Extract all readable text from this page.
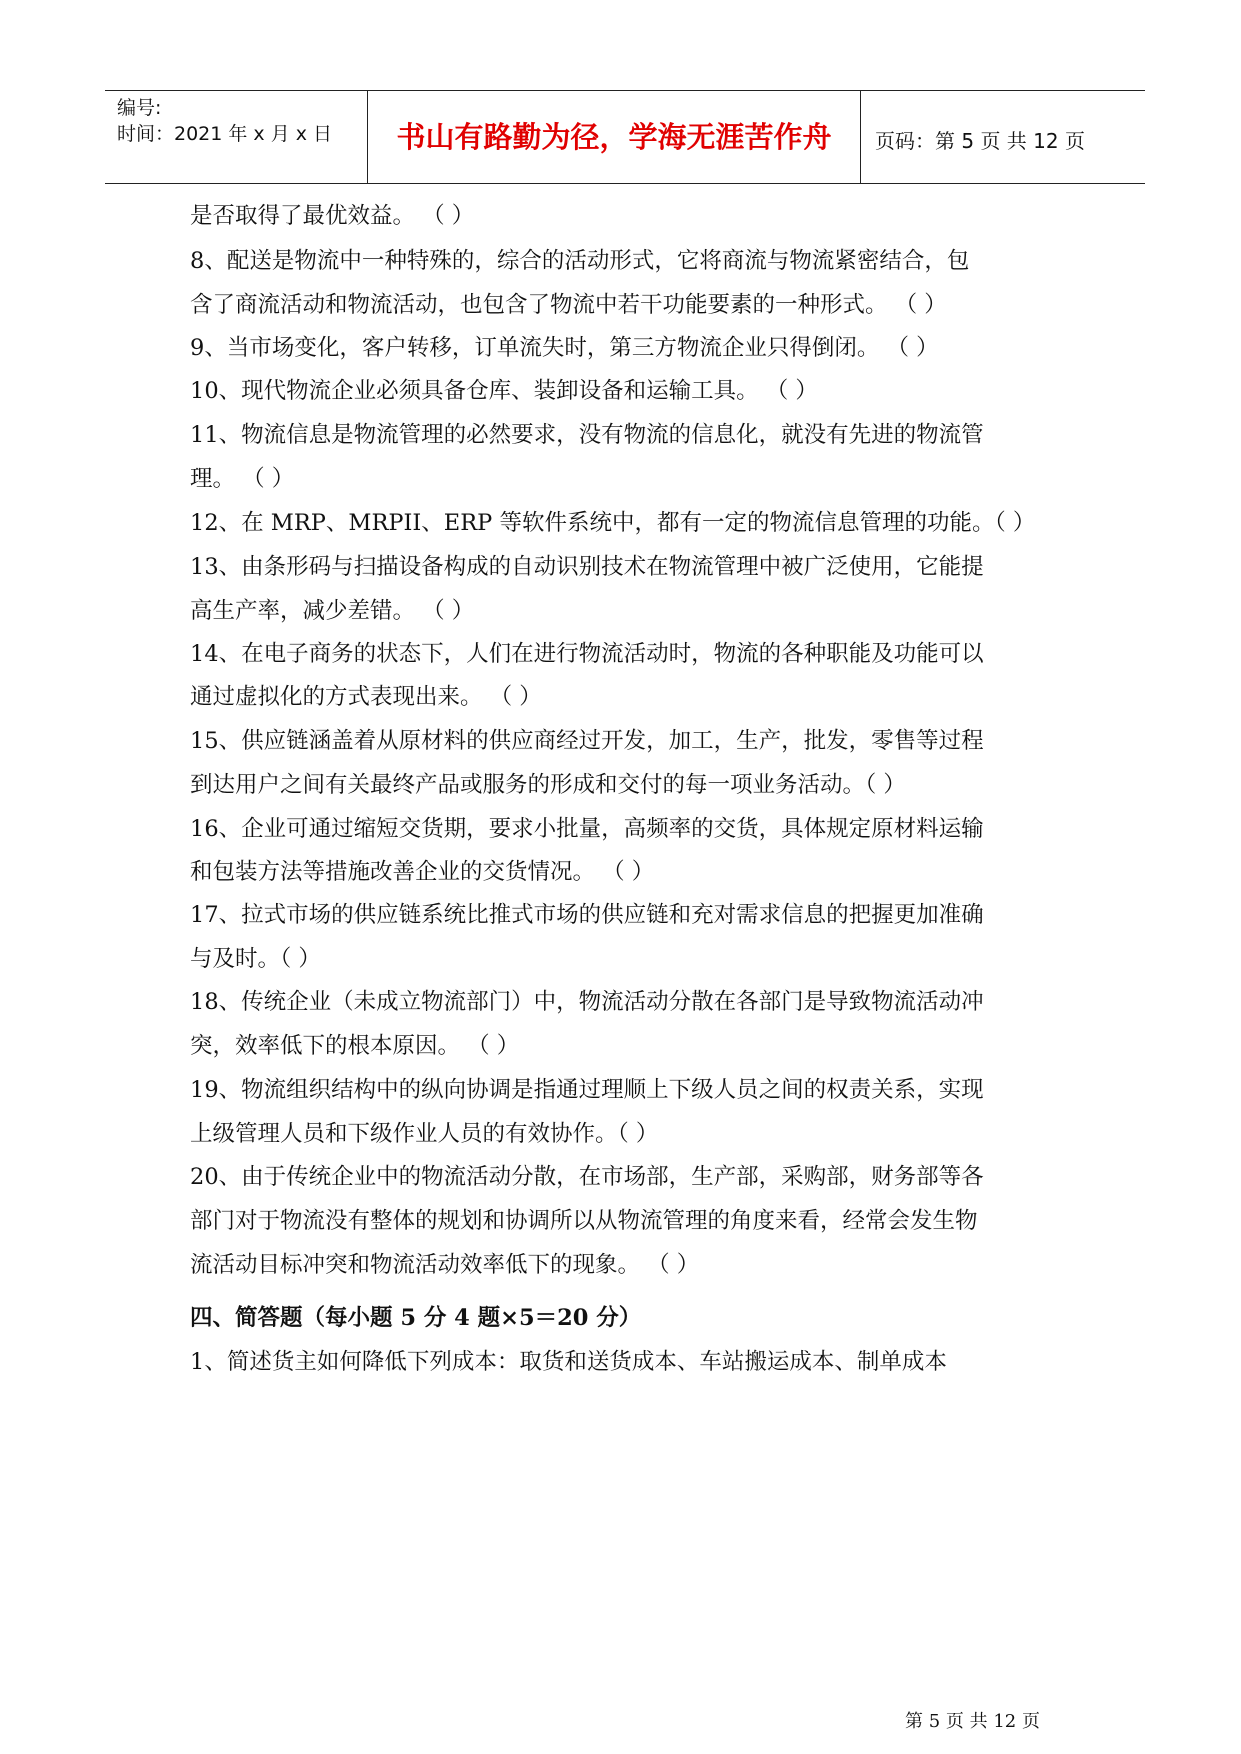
编号:
时间：2021 年 x 月 x 日	书山有路勤为径，学海无涯苦作舟	页码：第 5 页 共 12 页
是否取得了最优效益。 （ ）
8、配送是物流中一种特殊的，综合的活动形式，它将商流与物流紧密结合，包
含了商流活动和物流活动，也包含了物流中若干功能要素的一种形式。 （ ）
9、当市场变化，客户转移，订单流失时，第三方物流企业只得倒闭。 （ ）
10、现代物流企业必须具备仓库、装卸设备和运输工具。 （ ）
11、物流信息是物流管理的必然要求，没有物流的信息化，就没有先进的物流管
理。 （ ）
12、在 MRP、MRPII、ERP 等软件系统中，都有一定的物流信息管理的功能。（ ）
13、由条形码与扫描设备构成的自动识别技术在物流管理中被广泛使用，它能提
高生产率，减少差错。 （ ）
14、在电子商务的状态下，人们在进行物流活动时，物流的各种职能及功能可以
通过虚拟化的方式表现出来。 （ ）
15、供应链涵盖着从原材料的供应商经过开发，加工，生产，批发，零售等过程
到达用户之间有关最终产品或服务的形成和交付的每一项业务活动。（ ）
16、企业可通过缩短交货期，要求小批量，高频率的交货，具体规定原材料运输
和包装方法等措施改善企业的交货情况。 （ ）
17、拉式市场的供应链系统比推式市场的供应链和充对需求信息的把握更加准确
与及时。（ ）
18、传统企业（未成立物流部门）中，物流活动分散在各部门是导致物流活动冲
突，效率低下的根本原因。 （ ）
19、物流组织结构中的纵向协调是指通过理顺上下级人员之间的权责关系，实现
上级管理人员和下级作业人员的有效协作。（ ）
20、由于传统企业中的物流活动分散，在市场部，生产部，采购部，财务部等各
部门对于物流没有整体的规划和协调所以从物流管理的角度来看，经常会发生物
流活动目标冲突和物流活动效率低下的现象。 （ ）
四、简答题（每小题 5 分 4 题×5＝20 分）
1、简述货主如何降低下列成本：取货和送货成本、车站搬运成本、制单成本
第 5 页 共 12 页
